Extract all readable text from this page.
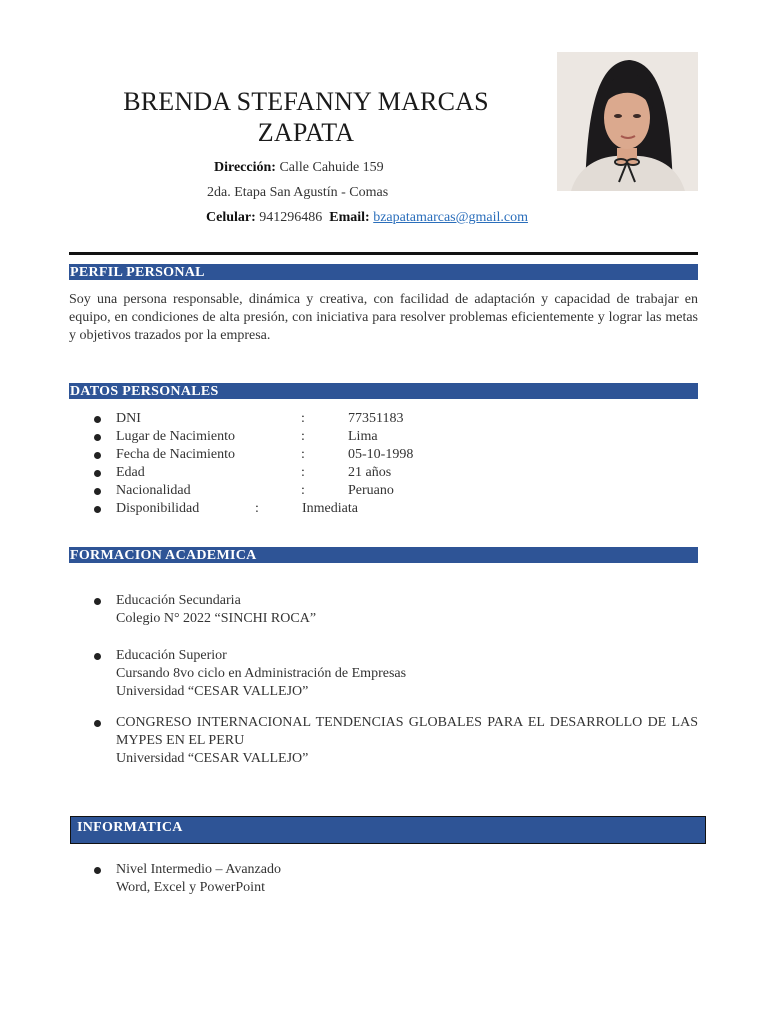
BRENDA STEFANNY MARCAS
ZAPATA
Dirección: Calle Cahuide 159
2da. Etapa San Agustín - Comas
Celular: 941296486 Email: bzapatamarcas@gmail.com
PERFIL PERSONAL
Soy una persona responsable, dinámica y creativa, con facilidad de adaptación y capacidad de trabajar en equipo, en condiciones de alta presión, con iniciativa para resolver problemas eficientemente y lograr las metas y objetivos trazados por la empresa.
DATOS PERSONALES
DNI	:	77351183
Lugar de Nacimiento	:	Lima
Fecha de Nacimiento	:	05-10-1998
Edad	:	21 años
Nacionalidad	:	Peruano
Disponibilidad	:	Inmediata
FORMACION ACADEMICA
Educación Secundaria
Colegio N° 2022 “SINCHI ROCA”
Educación Superior
Cursando 8vo ciclo en Administración de Empresas
Universidad “CESAR VALLEJO”
CONGRESO INTERNACIONAL TENDENCIAS GLOBALES PARA EL DESARROLLO DE LAS MYPES EN EL PERU
Universidad “CESAR VALLEJO”
INFORMATICA
Nivel Intermedio – Avanzado
Word, Excel y PowerPoint
